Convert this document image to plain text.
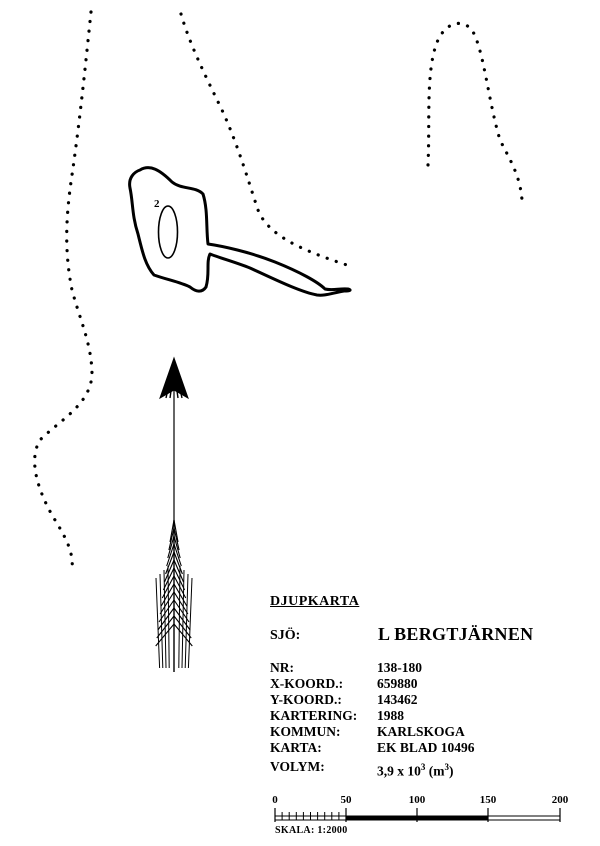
2
0	50	100	150	200
DJUPKARTA
SJÖ:	L BERGTJÄRNEN
NR:	138-180
X-KOORD.:	659880
Y-KOORD.:	143462
KARTERING: 1988
KOMMUN:	KARLSKOGA
KARTA:	EK BLAD 10496
VOLYM:	3,9 x $10^3$ $(m^3)$
SKALA: 1:2000
